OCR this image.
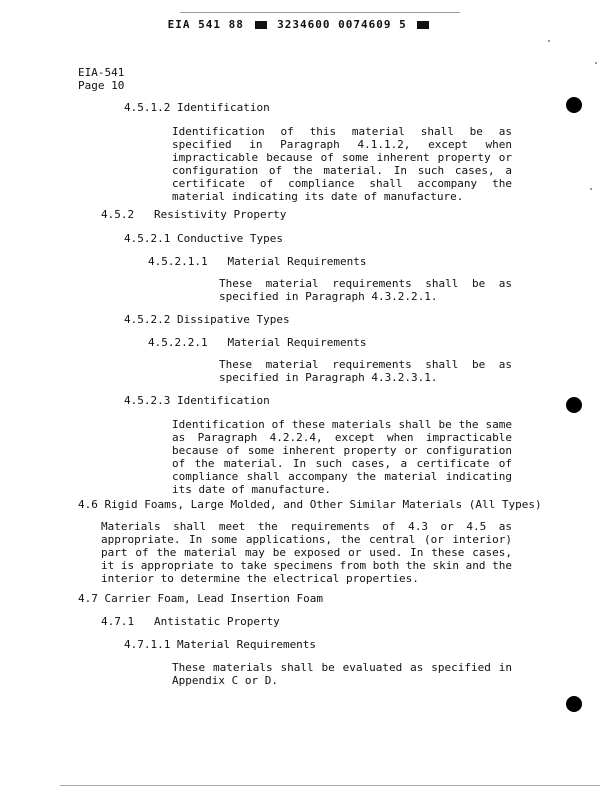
EIA 541 88	3234600 0074609 5
EIA-541
Page 10
4.5.1.2 Identification
Identification of this material shall be as specified in Paragraph 4.1.1.2, except when impracticable because of some inherent property or configuration of the material. In such cases, a certificate of compliance shall accompany the material indicating its date of manufacture.
4.5.2   Resistivity Property
4.5.2.1 Conductive Types
4.5.2.1.1   Material Requirements
These material requirements shall be as specified in Paragraph 4.3.2.2.1.
4.5.2.2 Dissipative Types
4.5.2.2.1   Material Requirements
These material requirements shall be as specified in Paragraph 4.3.2.3.1.
4.5.2.3 Identification
Identification of these materials shall be the same as Paragraph 4.2.2.4, except when impracticable because of some inherent property or configuration of the material. In such cases, a certificate of compliance shall accompany the material indicating its date of manufacture.
4.6 Rigid Foams, Large Molded, and Other Similar Materials (All Types)
Materials shall meet the requirements of 4.3 or 4.5 as appropriate. In some applications, the central (or interior) part of the material may be exposed or used. In these cases, it is appropriate to take specimens from both the skin and the interior to determine the electrical properties.
4.7 Carrier Foam, Lead Insertion Foam
4.7.1   Antistatic Property
4.7.1.1 Material Requirements
These materials shall be evaluated as specified in Appendix C or D.
